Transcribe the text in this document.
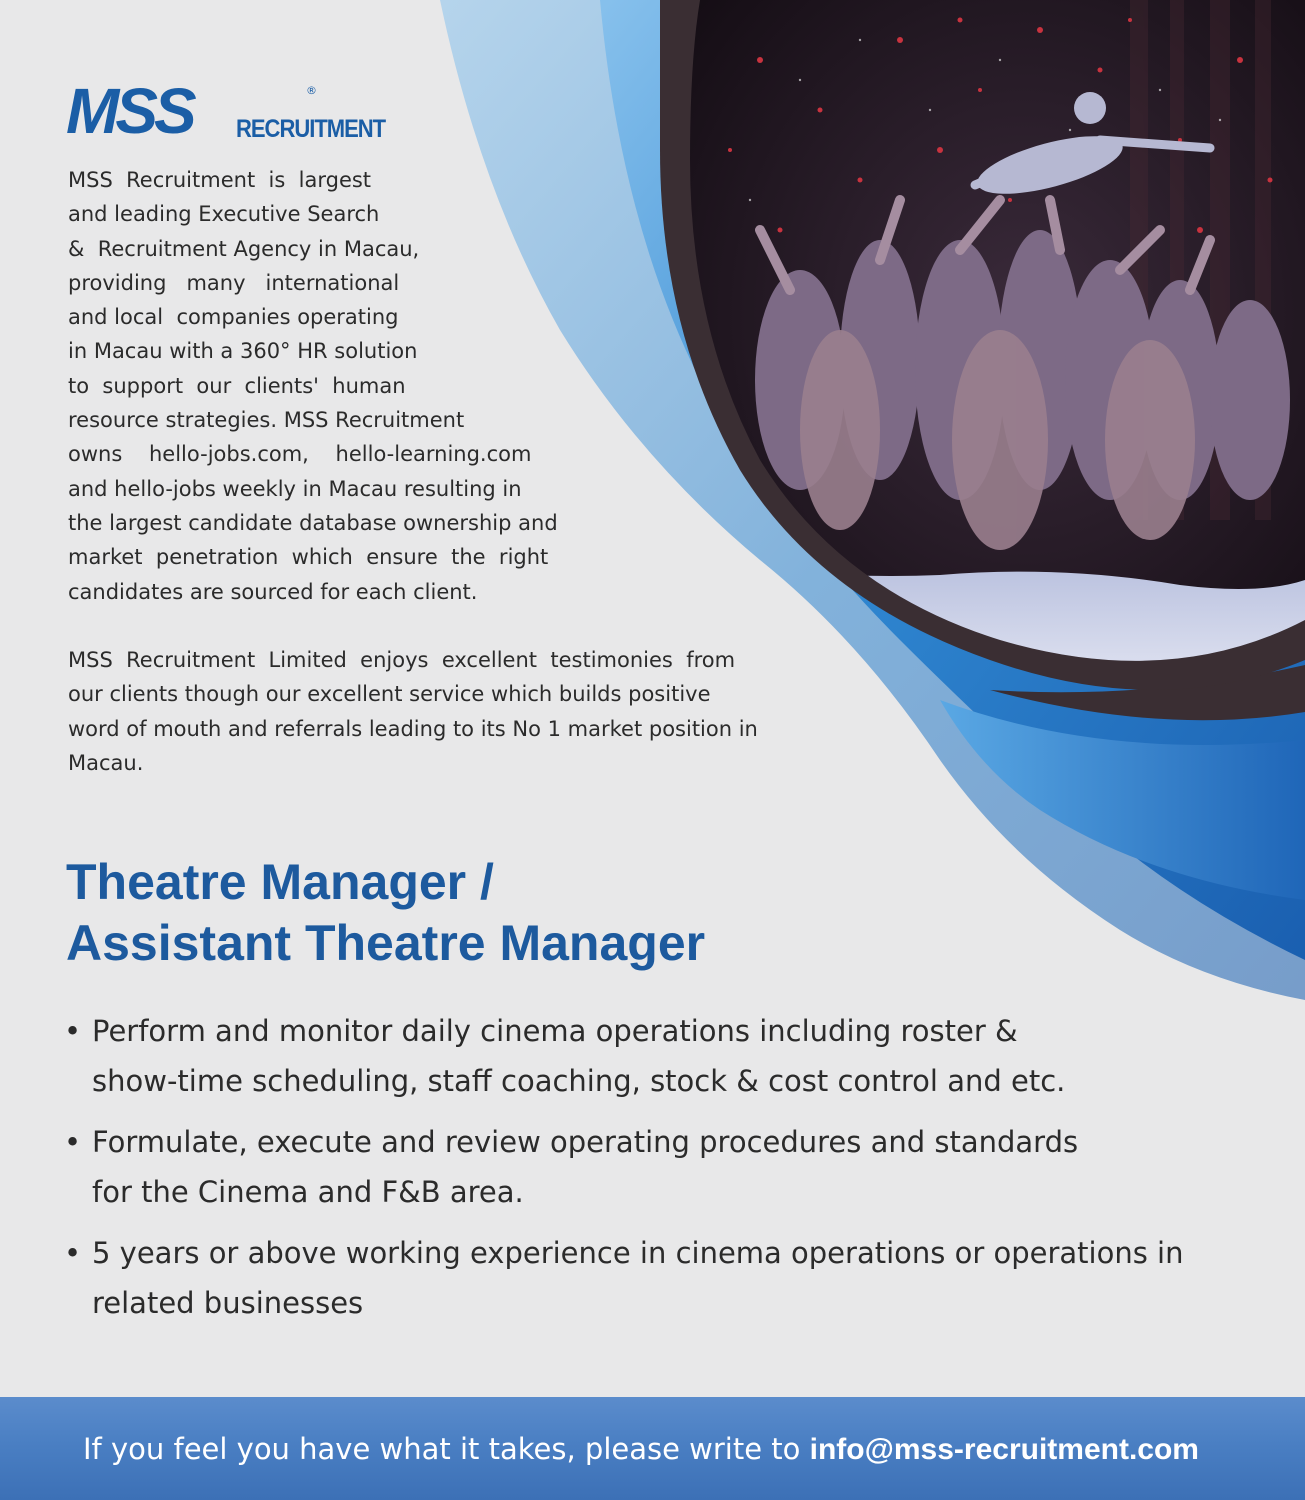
MSS	®
RECRUITMENT
MSS  Recruitment  is  largest
and leading Executive Search
&  Recruitment Agency in Macau,
providing   many   international
and local  companies operating
in Macau with a 360° HR solution
to  support  our  clients'  human
resource strategies. MSS Recruitment
owns    hello-jobs.com,    hello-learning.com
and hello-jobs weekly in Macau resulting in
the largest candidate database ownership and
market  penetration  which  ensure  the  right
candidates are sourced for each client.
MSS  Recruitment  Limited  enjoys  excellent  testimonies  from
our clients though our excellent service which builds positive
word of mouth and referrals leading to its No 1 market position in
Macau.
Theatre Manager /
Assistant Theatre Manager
• Perform and monitor daily cinema operations including roster &
show-time scheduling, staff coaching, stock & cost control and etc.
• Formulate, execute and review operating procedures and standards
for the Cinema and F&B area.
• 5 years or above working experience in cinema operations or operations in
related businesses
If you feel you have what it takes, please write to info@mss-recruitment.com
